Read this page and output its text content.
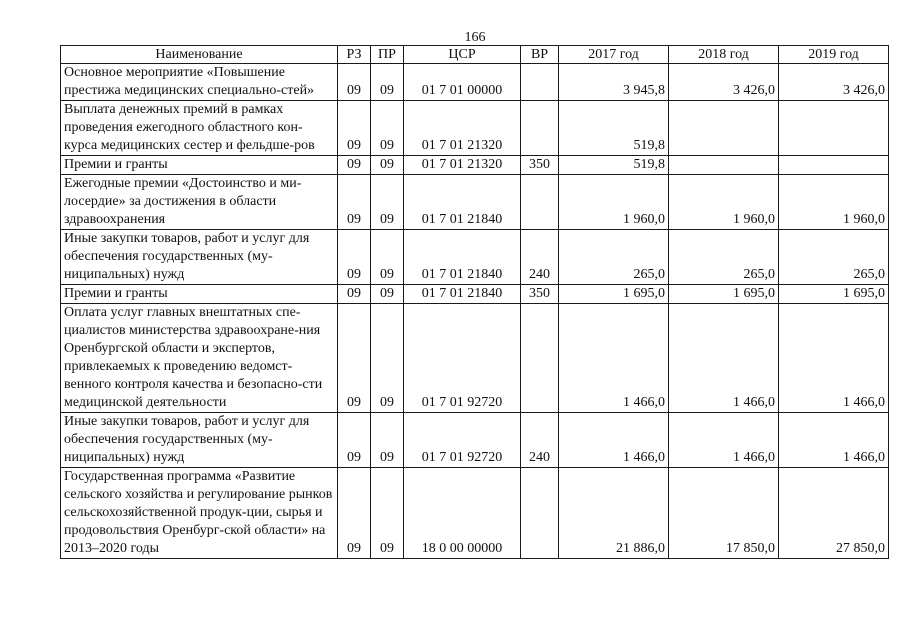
166
Наименование	РЗ	ПР	ЦСР	ВР	2017 год	2018 год	2019 год

Основное мероприятие «Повышение престижа медицинских специально-стей»	09	09	01 7 01 00000		3 945,8	3 426,0	3 426,0

Выплата денежных премий в рамках проведения ежегодного областного кон-курса медицинских сестер и фельдше-ров	09	09	01 7 01 21320		519,8		

Премии и гранты	09	09	01 7 01 21320	350	519,8		

Ежегодные премии «Достоинство и ми-лосердие» за достижения в области здравоохранения	09	09	01 7 01 21840		1 960,0	1 960,0	1 960,0

Иные закупки товаров, работ и услуг для обеспечения государственных (му-ниципальных) нужд	09	09	01 7 01 21840	240	265,0	265,0	265,0

Премии и гранты	09	09	01 7 01 21840	350	1 695,0	1 695,0	1 695,0

Оплата услуг главных внештатных спе-циалистов министерства здравоохране-ния Оренбургской области и экспертов, привлекаемых к проведению ведомст-венного контроля качества и безопасно-сти медицинской деятельности	09	09	01 7 01 92720		1 466,0	1 466,0	1 466,0

Иные закупки товаров, работ и услуг для обеспечения государственных (му-ниципальных) нужд	09	09	01 7 01 92720	240	1 466,0	1 466,0	1 466,0

Государственная программа «Развитие сельского хозяйства и регулирование рынков сельскохозяйственной продук-ции, сырья и продовольствия Оренбург-ской области» на 2013–2020 годы	09	09	18 0 00 00000		21 886,0	17 850,0	27 850,0
